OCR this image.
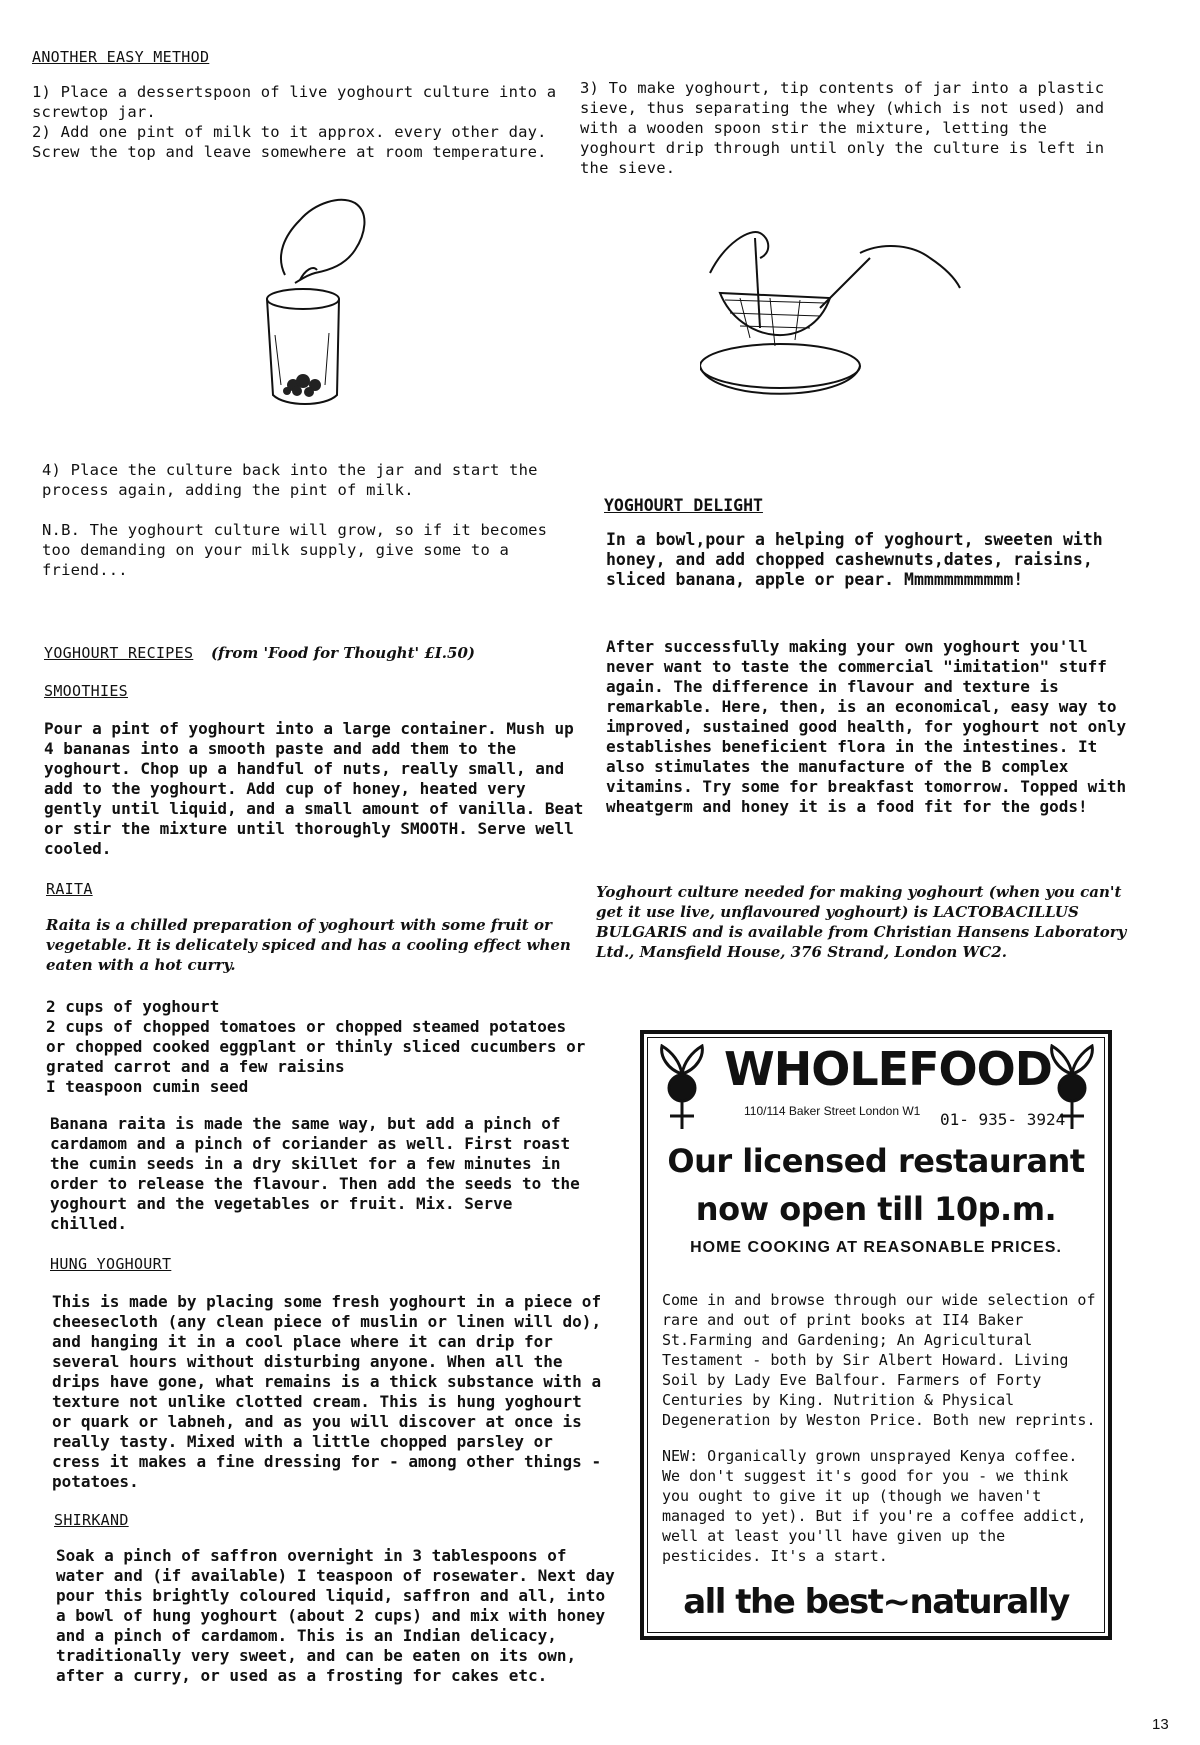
ANOTHER EASY METHOD

1) Place a dessertspoon of live yoghourt culture into a screwtop jar.

2) Add one pint of milk to it approx. every other day. Screw the top and leave somewhere at room temperature.

3) To make yoghourt, tip contents of jar into a plastic sieve, thus separating the whey (which is not used) and with a wooden spoon stir the mixture, letting the yoghourt drip through until only the culture is left in the sieve.
4) Place the culture back into the jar and start the process again, adding the pint of milk.
N.B. The yoghourt culture will grow, so if it becomes too demanding on your milk supply, give some to a friend...
YOGHOURT DELIGHT
In a bowl,pour a helping of yoghourt, sweeten with honey, and add chopped cashewnuts,dates, raisins, sliced banana, apple or pear. Mmmmmmmmmmm!
YOGHOURT RECIPES (from 'Food for Thought' £I.50)
SMOOTHIES
Pour a pint of yoghourt into a large container. Mush up 4 bananas into a smooth paste and add them to the yoghourt. Chop up a handful of nuts, really small, and add to the yoghourt. Add cup of honey, heated very gently until liquid, and a small amount of vanilla. Beat or stir the mixture until thoroughly SMOOTH. Serve well cooled.
After successfully making your own yoghourt you'll never want to taste the commercial "imitation" stuff again. The difference in flavour and texture is remarkable. Here, then, is an economical, easy way to improved, sustained good health, for yoghourt not only establishes beneficient flora in the intestines. It also stimulates the manufacture of the B complex vitamins. Try some for breakfast tomorrow. Topped with wheatgerm and honey it is a food fit for the gods!
Yoghourt culture needed for making yoghourt (when you can't get it use live, unflavoured yoghourt) is LACTOBACILLUS BULGARIS and is available from Christian Hansens Laboratory Ltd., Mansfield House, 376 Strand, London WC2.
RAITA
Raita is a chilled preparation of yoghourt with some fruit or vegetable. It is delicately spiced and has a cooling effect when eaten with a hot curry.

2 cups of yoghourt

2 cups of chopped tomatoes or chopped steamed potatoes or chopped cooked eggplant or thinly sliced cucumbers or grated carrot and a few raisins

I teaspoon cumin seed

Banana raita is made the same way, but add a pinch of cardamom and a pinch of coriander as well. First roast the cumin seeds in a dry skillet for a few minutes in order to release the flavour. Then add the seeds to the yoghourt and the vegetables or fruit. Mix. Serve chilled.
HUNG YOGHOURT
This is made by placing some fresh yoghourt in a piece of cheesecloth (any clean piece of muslin or linen will do), and hanging it in a cool place where it can drip for several hours without disturbing anyone. When all the drips have gone, what remains is a thick substance with a texture not unlike clotted cream. This is hung yoghourt or quark or labneh, and as you will discover at once is really tasty. Mixed with a little chopped parsley or cress it makes a fine dressing for - among other things - potatoes.
SHIRKAND
Soak a pinch of saffron overnight in 3 tablespoons of water and (if available) I teaspoon of rosewater. Next day pour this brightly coloured liquid, saffron and all, into a bowl of hung yoghourt (about 2 cups) and mix with honey and a pinch of cardamom. This is an Indian delicacy, traditionally very sweet, and can be eaten on its own, after a curry, or used as a frosting for cakes etc.
WHOLEFOOD
110/114 Baker Street London W1 01- 935- 3924
Our licensed restaurant
now open till 10p.m.
HOME COOKING AT REASONABLE PRICES.
Come in and browse through our wide selection of rare and out of print books at II4 Baker St.Farming and Gardening; An Agricultural Testament - both by Sir Albert Howard. Living Soil by Lady Eve Balfour. Farmers of Forty Centuries by King. Nutrition & Physical Degeneration by Weston Price. Both new reprints.
NEW: Organically grown unsprayed Kenya coffee. We don't suggest it's good for you - we think you ought to give it up (though we haven't managed to yet). But if you're a coffee addict, well at least you'll have given up the pesticides. It's a start.
all the best~naturally
13
